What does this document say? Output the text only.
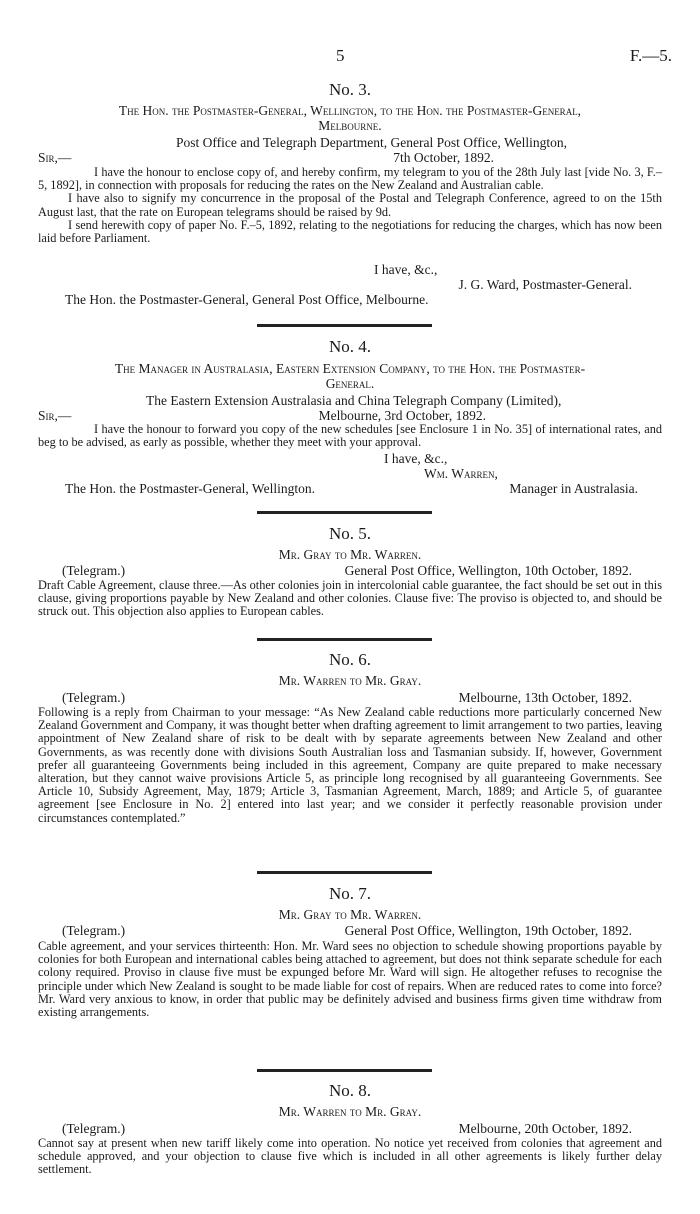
5	F.—5.
No. 3.
The Hon. the Postmaster-General, Wellington, to the Hon. the Postmaster-General,
Melbourne.
Post Office and Telegraph Department, General Post Office, Wellington,
Sir,—	7th October, 1892.

I have the honour to enclose copy of, and hereby confirm, my telegram to you of the 28th July last [vide No. 3, F.–5, 1892], in connection with proposals for reducing the rates on the New Zealand and Australian cable.

I have also to signify my concurrence in the proposal of the Postal and Telegraph Conference, agreed to on the 15th August last, that the rate on European telegrams should be raised by 9d.

I send herewith copy of paper No. F.–5, 1892, relating to the negotiations for reducing the charges, which has now been laid before Parliament.

I have, &c.,
J. G. Ward, Postmaster-General.
The Hon. the Postmaster-General, General Post Office, Melbourne.
No. 4.
The Manager in Australasia, Eastern Extension Company, to the Hon. the Postmaster-
General.
The Eastern Extension Australasia and China Telegraph Company (Limited),
Sir,—	Melbourne, 3rd October, 1892.

I have the honour to forward you copy of the new schedules [see Enclosure 1 in No. 35] of international rates, and beg to be advised, as early as possible, whether they meet with your approval.

I have, &c.,
Wm. Warren,
The Hon. the Postmaster-General, Wellington.	Manager in Australasia.
No. 5.
Mr. Gray to Mr. Warren.
(Telegram.)	General Post Office, Wellington, 10th October, 1892.
Draft Cable Agreement, clause three.—As other colonies join in intercolonial cable guarantee, the fact should be set out in this clause, giving proportions payable by New Zealand and other colonies. Clause five: The proviso is objected to, and should be struck out. This objection also applies to European cables.
No. 6.
Mr. Warren to Mr. Gray.
(Telegram.)	Melbourne, 13th October, 1892.
Following is a reply from Chairman to your message: “As New Zealand cable reductions more particularly concerned New Zealand Government and Company, it was thought better when drafting agreement to limit arrangement to two parties, leaving appointment of New Zealand share of risk to be dealt with by separate agreements between New Zealand and other Governments, as was recently done with divisions South Australian loss and Tasmanian subsidy. If, however, Government prefer all guaranteeing Governments being included in this agreement, Company are quite prepared to make necessary alteration, but they cannot waive provisions Article 5, as principle long recognised by all guaranteeing Governments. See Article 10, Subsidy Agreement, May, 1879; Article 3, Tasmanian Agreement, March, 1889; and Article 5, of guarantee agreement [see Enclosure in No. 2] entered into last year; and we consider it perfectly reasonable provision under circumstances contemplated.”
No. 7.
Mr. Gray to Mr. Warren.
(Telegram.)	General Post Office, Wellington, 19th October, 1892.
Cable agreement, and your services thirteenth: Hon. Mr. Ward sees no objection to schedule showing proportions payable by colonies for both European and international cables being attached to agreement, but does not think separate schedule for each colony required. Proviso in clause five must be expunged before Mr. Ward will sign. He altogether refuses to recognise the principle under which New Zealand is sought to be made liable for cost of repairs. When are reduced rates to come into force? Mr. Ward very anxious to know, in order that public may be definitely advised and business firms given time withdraw from existing arrangements.
No. 8.
Mr. Warren to Mr. Gray.
(Telegram.)	Melbourne, 20th October, 1892.
Cannot say at present when new tariff likely come into operation. No notice yet received from colonies that agreement and schedule approved, and your objection to clause five which is included in all other agreements is likely further delay settlement.
